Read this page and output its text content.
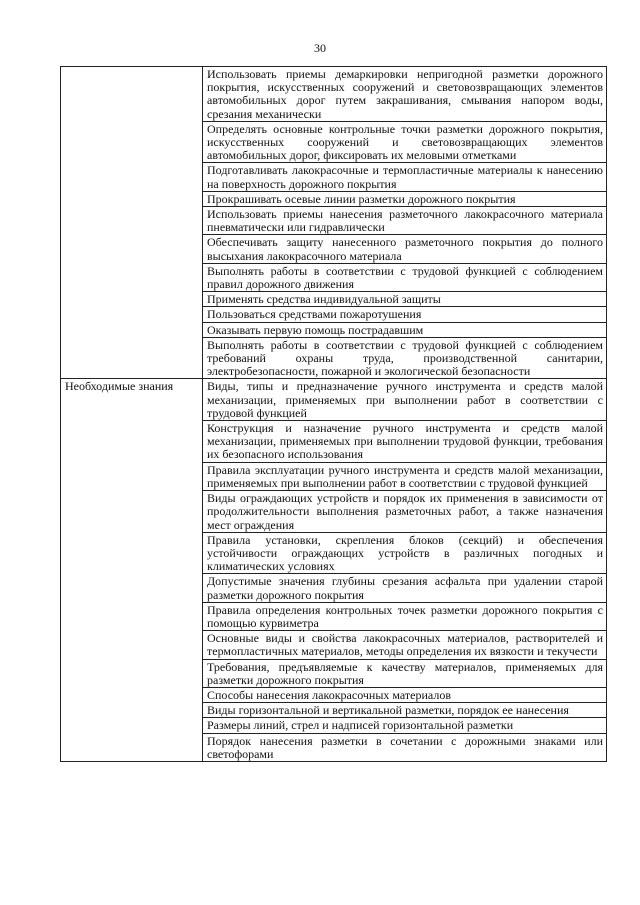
30
	Использовать приемы демаркировки непригодной разметки дорожного покрытия, искусственных сооружений и световозвращающих элементов автомобильных дорог путем закрашивания, смывания напором воды, срезания механически
	Определять основные контрольные точки разметки дорожного покрытия, искусственных сооружений и световозвращающих элементов автомобильных дорог, фиксировать их меловыми отметками
	Подготавливать лакокрасочные и термопластичные материалы к нанесению на поверхность дорожного покрытия
	Прокрашивать осевые линии разметки дорожного покрытия
	Использовать приемы нанесения разметочного лакокрасочного материала пневматически или гидравлически
	Обеспечивать защиту нанесенного разметочного покрытия до полного высыхания лакокрасочного материала
	Выполнять работы в соответствии с трудовой функцией с соблюдением правил дорожного движения
	Применять средства индивидуальной защиты
	Пользоваться средствами пожаротушения
	Оказывать первую помощь пострадавшим
	Выполнять работы в соответствии с трудовой функцией с соблюдением требований охраны труда, производственной санитарии, электробезопасности, пожарной и экологической безопасности
Необходимые знания	Виды, типы и предназначение ручного инструмента и средств малой механизации, применяемых при выполнении работ в соответствии с трудовой функцией
	Конструкция и назначение ручного инструмента и средств малой механизации, применяемых при выполнении трудовой функции, требования их безопасного использования
	Правила эксплуатации ручного инструмента и средств малой механизации, применяемых при выполнении работ в соответствии с трудовой функцией
	Виды ограждающих устройств и порядок их применения в зависимости от продолжительности выполнения разметочных работ, а также назначения мест ограждения
	Правила установки, скрепления блоков (секций) и обеспечения устойчивости ограждающих устройств в различных погодных и климатических условиях
	Допустимые значения глубины срезания асфальта при удалении старой разметки дорожного покрытия
	Правила определения контрольных точек разметки дорожного покрытия с помощью курвиметра
	Основные виды и свойства лакокрасочных материалов, растворителей и термопластичных материалов, методы определения их вязкости и текучести
	Требования, предъявляемые к качеству материалов, применяемых для разметки дорожного покрытия
	Способы нанесения лакокрасочных материалов
	Виды горизонтальной и вертикальной разметки, порядок ее нанесения
	Размеры линий, стрел и надписей горизонтальной разметки
	Порядок нанесения разметки в сочетании с дорожными знаками или светофорами
